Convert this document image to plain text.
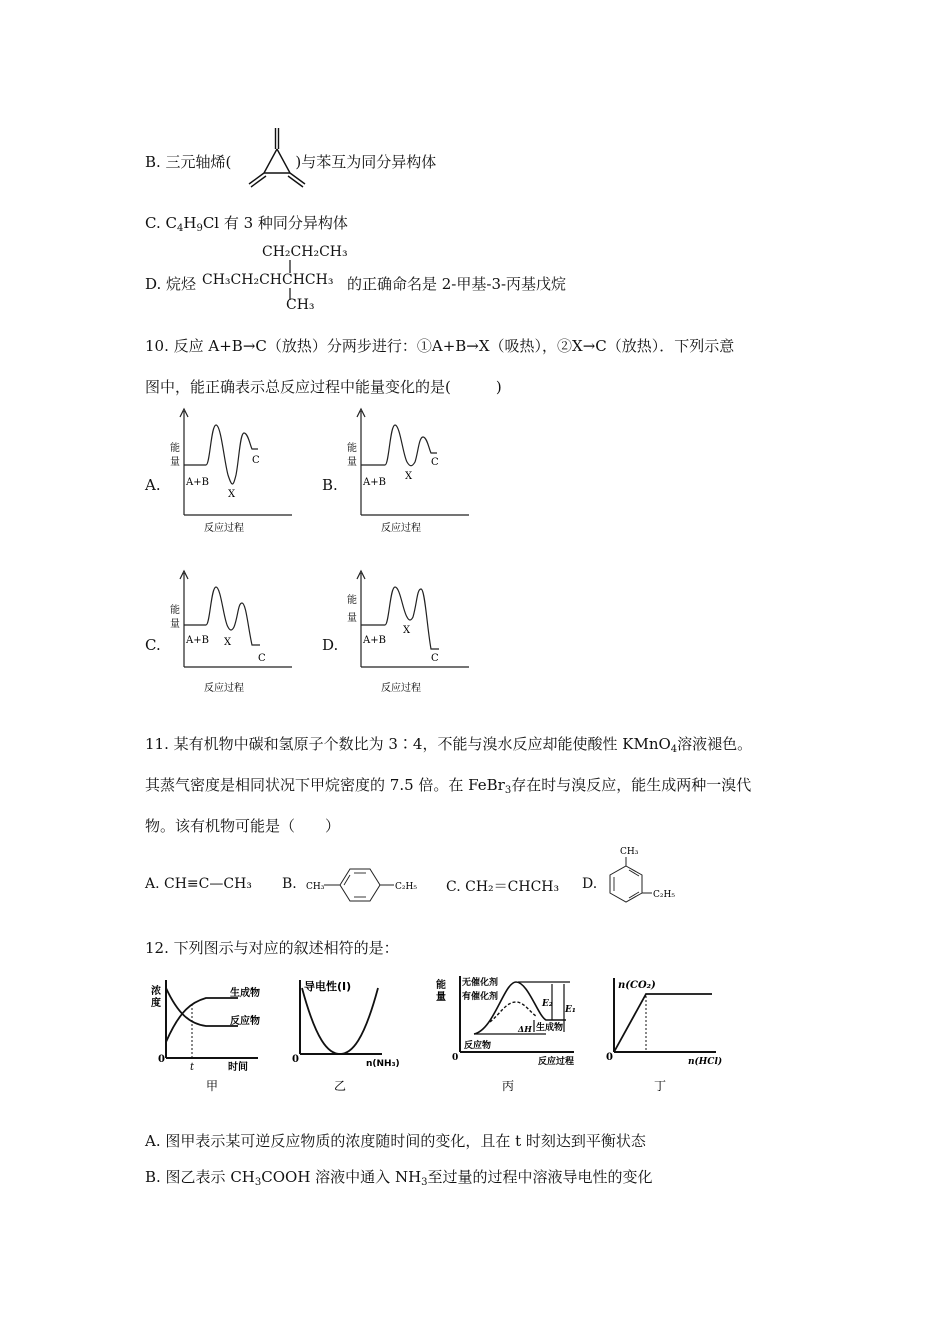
B. 三元轴烯(	)与苯互为同分异构体
C. $C_4H_9Cl$ 有 3 种同分异构体
D. 烷烃
CH₂CH₂CH₃
CH₃CH₂CHCHCH₃
CH₃
的正确命名是 2-甲基-3-丙基戊烷
10. 反应 A+B→C（放热）分两步进行：①A+B→X（吸热），②X→C（放热）．下列示意
图中，能正确表示总反应过程中能量变化的是(　　　)
A.
能
量
A+B
X
C
反应过程
B.
能
量
A+B
X
C
反应过程
C.
能
量
A+B X
C
反应过程
D.
能
量
A+B
X
C
反应过程
11. 某有机物中碳和氢原子个数比为 3∶4，不能与溴水反应却能使酸性 KMnO$_4$溶液褪色。
其蒸气密度是相同状况下甲烷密度的 7.5 倍。在 FeBr$_3$存在时与溴反应，能生成两种一溴代
物。该有机物可能是（　　）
A. CH≡C—CH₃ B. CH₃	C₂H₅ C. CH₂＝CHCH₃ D.
CH₃
C₂H₅
12. 下列图示与对应的叙述相符的是：
浓
度
生成物
反应物
0
t	时间
甲
导电性(I)
0	n(NH₃)
乙
能
量
无催化剂
有催化剂
E₂
E₁
ΔH 生成物
反应物
0	反应过程
丙
n(CO₂)
0	n(HCl)
丁
A. 图甲表示某可逆反应物质的浓度随时间的变化，且在 t 时刻达到平衡状态
B. 图乙表示 $CH_3COOH$ 溶液中通入 $NH_3$至过量的过程中溶液导电性的变化
